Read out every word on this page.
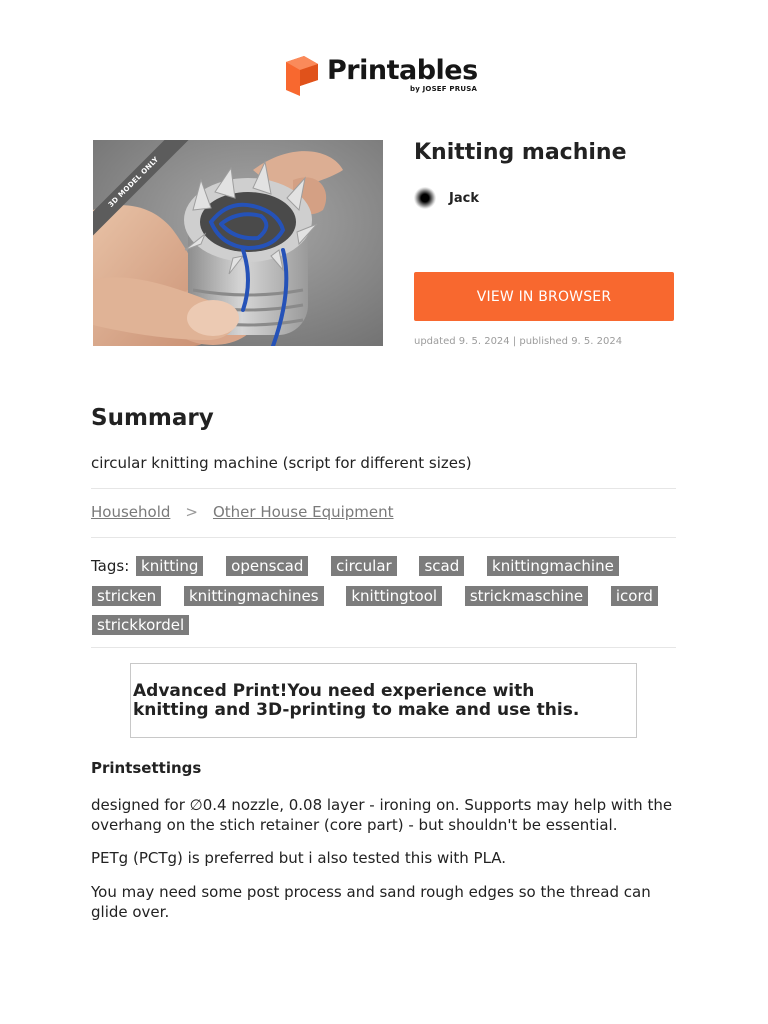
Printables
by JOSEF PRUSA
3D MODEL ONLY
Knitting machine
Jack
VIEW IN BROWSER
updated 9. 5. 2024 | published 9. 5. 2024
Summary
circular knitting machine (script for different sizes)
Household > Other House Equipment
Tags: knitting openscad circular scad knittingmachine stricken knittingmachines knittingtool strickmaschine icord strickkordel
Advanced Print!You need experience with
knitting and 3D-printing to make and use this.
Printsettings

designed for ∅0.4 nozzle, 0.08 layer - ironing on. Supports may help with the overhang on the stich retainer (core part) - but shouldn't be essential.

PETg (PCTg) is preferred but i also tested this with PLA.

You may need some post process and sand rough edges so the thread can glide over.
